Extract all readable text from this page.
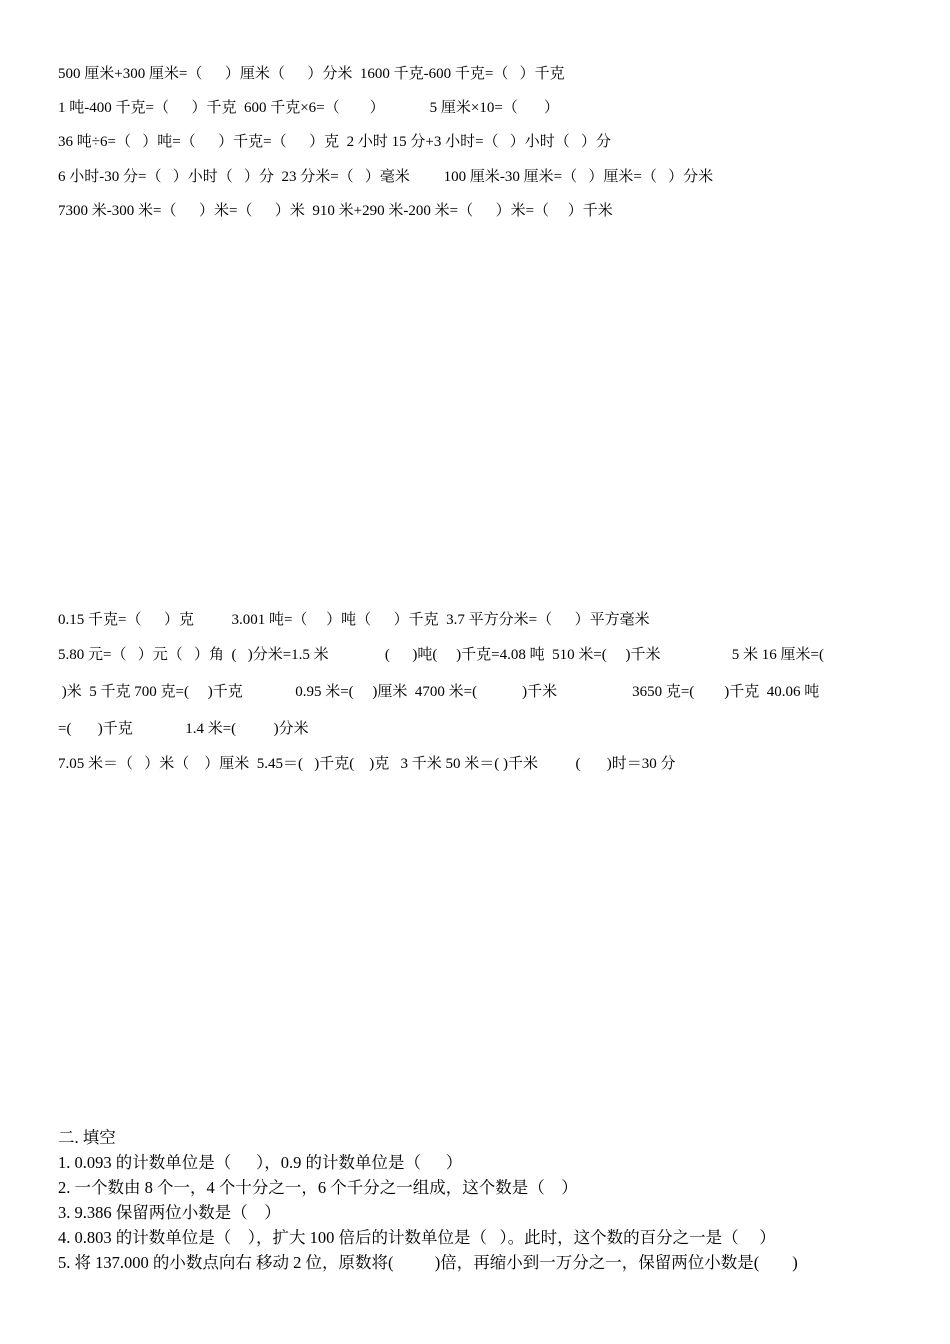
500 厘米+300 厘米=（      ）厘米（      ）分米  1600 千克-600 千克=（   ）千克
1 吨-400 千克=（      ）千克  600 千克×6=（        ）            5 厘米×10=（       ）
36 吨÷6=（   ）吨=（      ）千克=（      ）克  2 小时 15 分+3 小时=（   ）小时（   ）分
6 小时-30 分=（   ）小时（   ）分  23 分米=（   ）毫米         100 厘米-30 厘米=（   ）厘米=（   ）分米
7300 米-300 米=（      ）米=（      ）米  910 米+290 米-200 米=（      ）米=（     ）千米
0.15 千克=（      ）克          3.001 吨=（     ）吨（      ）千克  3.7 平方分米=（      ）平方毫米
5.80 元=（   ）元（   ）角  (   )分米=1.5 米               (      )吨(     )千克=4.08 吨  510 米=(     )千米                   5 米 16 厘米=(
)米  5 千克 700 克=(     )千克              0.95 米=(     )厘米  4700 米=(            )千米                    3650 克=(        )千克  40.06 吨
=(       )千克              1.4 米=(          )分米
7.05 米＝（   ）米（    ）厘米  5.45＝(   )千克(    )克   3 千米 50 米＝( )千米          (       )时＝30 分
二. 填空
1. 0.093 的计数单位是（      ），0.9 的计数单位是（      ）
2. 一个数由 8 个一，4 个十分之一，6 个千分之一组成，这个数是（    ）
3. 9.386 保留两位小数是（    ）
4. 0.803 的计数单位是（    ），扩大 100 倍后的计数单位是（   ）。此时，这个数的百分之一是（     ）
5. 将 137.000 的小数点向右 移动 2 位，原数将(          )倍，再缩小到一万分之一，保留两位小数是(        )
